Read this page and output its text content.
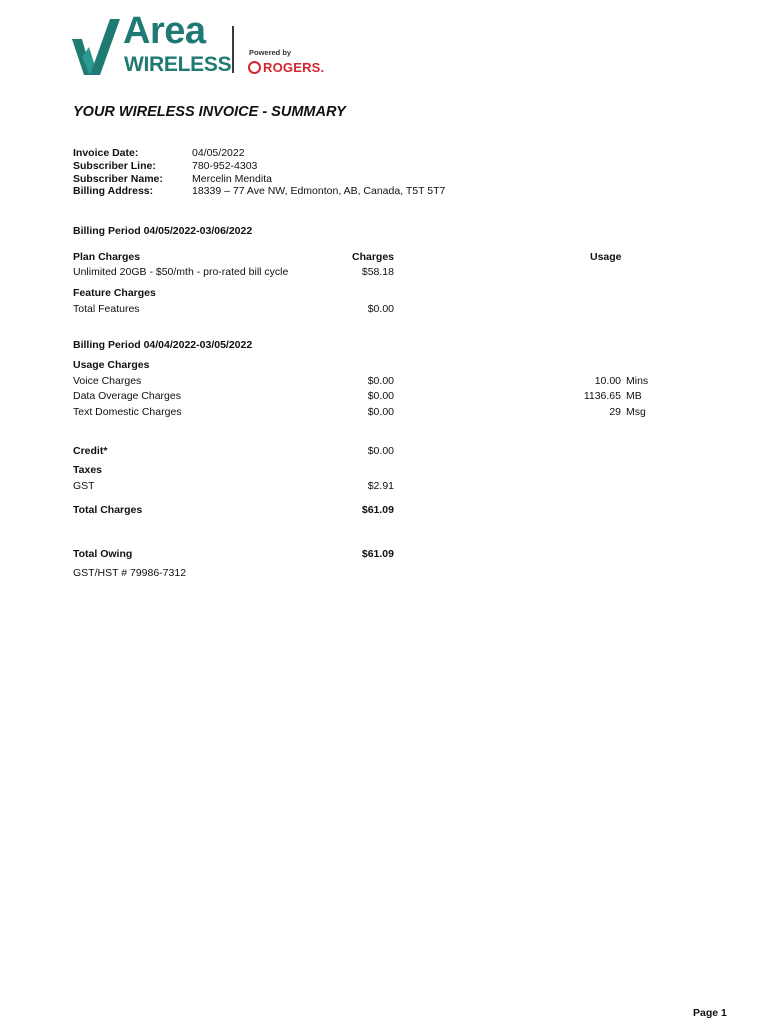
Area
WIRELESS
Powered by
ROGERS.
YOUR WIRELESS INVOICE - SUMMARY
Invoice Date:	04/05/2022
Subscriber Line:	780-952-4303
Subscriber Name:	Mercelin Mendita
Billing Address:	18339 – 77 Ave NW, Edmonton, AB, Canada, T5T 5T7
Billing Period 04/05/2022-03/06/2022
Plan Charges	Charges	Usage
Unlimited 20GB - $50/mth - pro-rated bill cycle	$58.18
Feature Charges
Total Features	$0.00
Billing Period 04/04/2022-03/05/2022
Usage Charges
Voice Charges	$0.00	10.00 Mins
Data Overage Charges	$0.00	1136.65 MB
Text Domestic Charges	$0.00	29 Msg
Credit*	$0.00
Taxes
GST	$2.91
Total Charges	$61.09
Total Owing	$61.09
GST/HST # 79986-7312
Page 1
